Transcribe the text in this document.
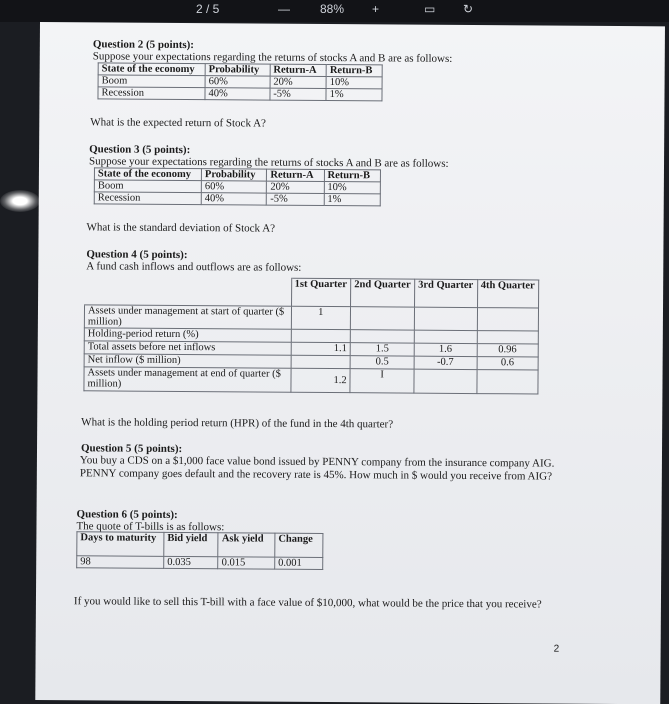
2 / 5	—	88% +	▭ ↻
Question 2 (5 points):
Suppose your expectations regarding the returns of stocks A and B are as follows:
State of the economy	Probability	Return-A	Return-B
Boom	60%	20%	10%
Recession	40%	-5%	1%
What is the expected return of Stock A?
Question 3 (5 points):
Suppose your expectations regarding the returns of stocks A and B are as follows:
State of the economy	Probability	Return-A	Return-B
Boom	60%	20%	10%
Recession	40%	-5%	1%
What is the standard deviation of Stock A?
Question 4 (5 points):
A fund cash inflows and outflows are as follows:
	1st Quarter	2nd Quarter	3rd Quarter	4th Quarter
Assets under management at start of quarter ($ million)	1			
Holding-period return (%)				
Total assets before net inflows	1.1	1.5	1.6	0.96
Net inflow ($ million)		0.5	-0.7	0.6
Assets under management at end of quarter ($ million)	1.2	I		
What is the holding period return (HPR) of the fund in the 4th quarter?
Question 5 (5 points):
You buy a CDS on a $1,000 face value bond issued by PENNY company from the insurance company AIG. PENNY company goes default and the recovery rate is 45%. How much in $ would you receive from AIG?
Question 6 (5 points):
The quote of T-bills is as follows:
Days to maturity	Bid yield	Ask yield	Change
98	0.035	0.015	0.001
If you would like to sell this T-bill with a face value of $10,000, what would be the price that you receive?
2
